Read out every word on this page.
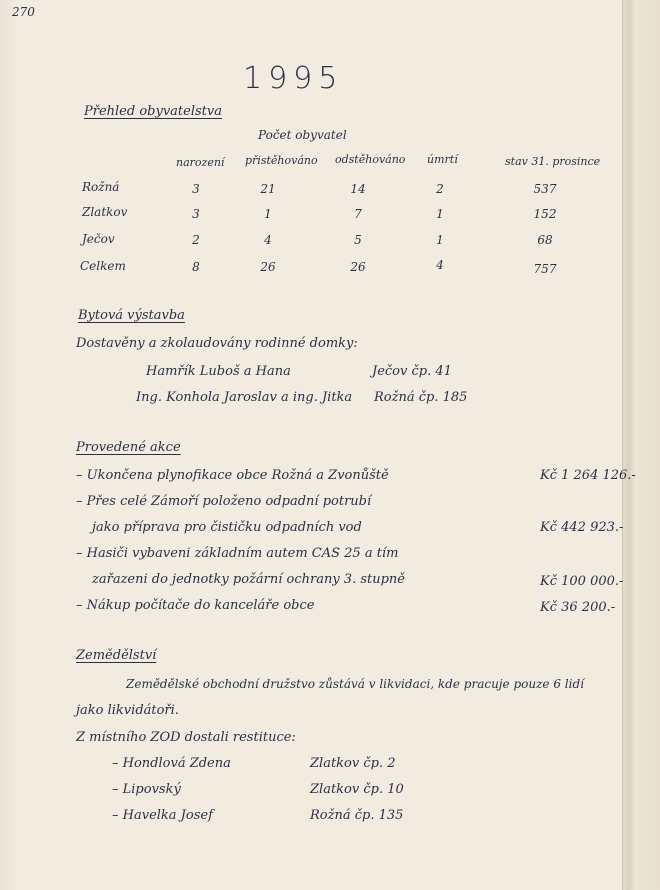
270
1995
Přehled obyvatelstva
Počet obyvatel
narození přistěhováno odstěhováno úmrtí	stav 31. prosince
Rožná	3	21	14	2	537
Zlatkov	3	1	7	1	152
Ječov	2	4	5	1	68
Celkem	8	26	26	4	757
Bytová výstavba
Dostavěny a zkolaudovány rodinné domky:
Hamřík Luboš a Hana	Ječov čp. 41
Ing. Konhola Jaroslav a ing. Jitka Rožná čp. 185
Provedené akce
– Ukončena plynofikace obce Rožná a Zvonůště	Kč 1 264 126.-
– Přes celé Zámoří položeno odpadní potrubí
jako příprava pro čističku odpadních vod	Kč 442 923.-
– Hasiči vybaveni základním autem CAS 25 a tím
zařazeni do jednotky požární ochrany 3. stupně	Kč 100 000.-
– Nákup počítače do kanceláře obce	Kč 36 200.-
Zemědělství
Zemědělské obchodní družstvo zůstává v likvidaci, kde pracuje pouze 6 lidí
jako likvidátoři.
Z místního ZOD dostali restituce:
– Hondlová Zdena	Zlatkov čp. 2
– Lipovský	Zlatkov čp. 10
– Havelka Josef	Rožná čp. 135
